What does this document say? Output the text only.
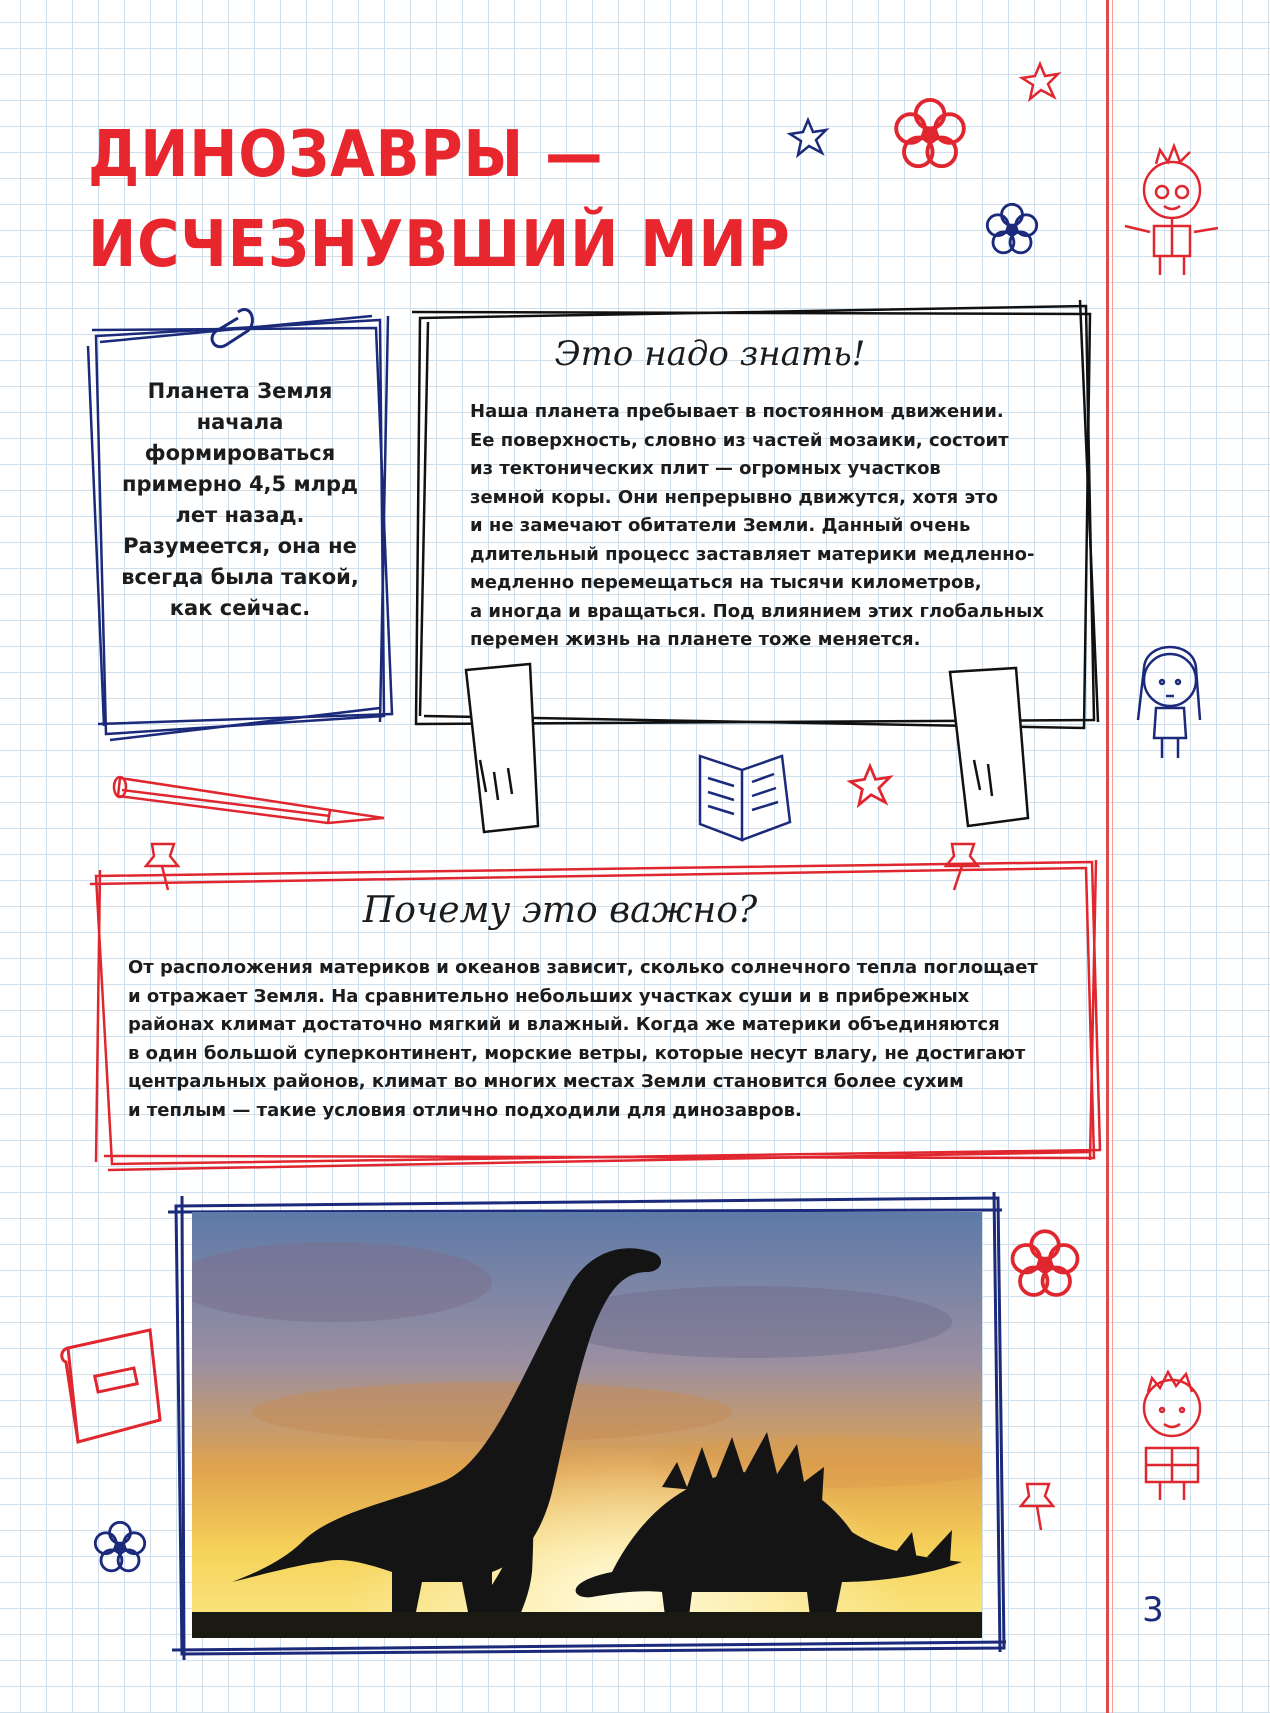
ДИНОЗАВРЫ —
ИСЧЕЗНУВШИЙ МИР
Планета Земля начала формироваться примерно 4,5 млрд лет назад. Разумеется, она не всегда была такой, как сейчас.
Это надо знать!
Наша планета пребывает в постоянном движении.
Ее поверхность, словно из частей мозаики, состоит
из тектонических плит — огромных участков
земной коры. Они непрерывно движутся, хотя это
и не замечают обитатели Земли. Данный очень
длительный процесс заставляет материки медленно-
медленно перемещаться на тысячи километров,
а иногда и вращаться. Под влиянием этих глобальных
перемен жизнь на планете тоже меняется.
Почему это важно?
От расположения материков и океанов зависит, сколько солнечного тепла поглощает
и отражает Земля. На сравнительно небольших участках суши и в прибрежных
районах климат достаточно мягкий и влажный. Когда же материки объединяются
в один большой суперконтинент, морские ветры, которые несут влагу, не достигают
центральных районов, климат во многих местах Земли становится более сухим
и теплым — такие условия отлично подходили для динозавров.
3
